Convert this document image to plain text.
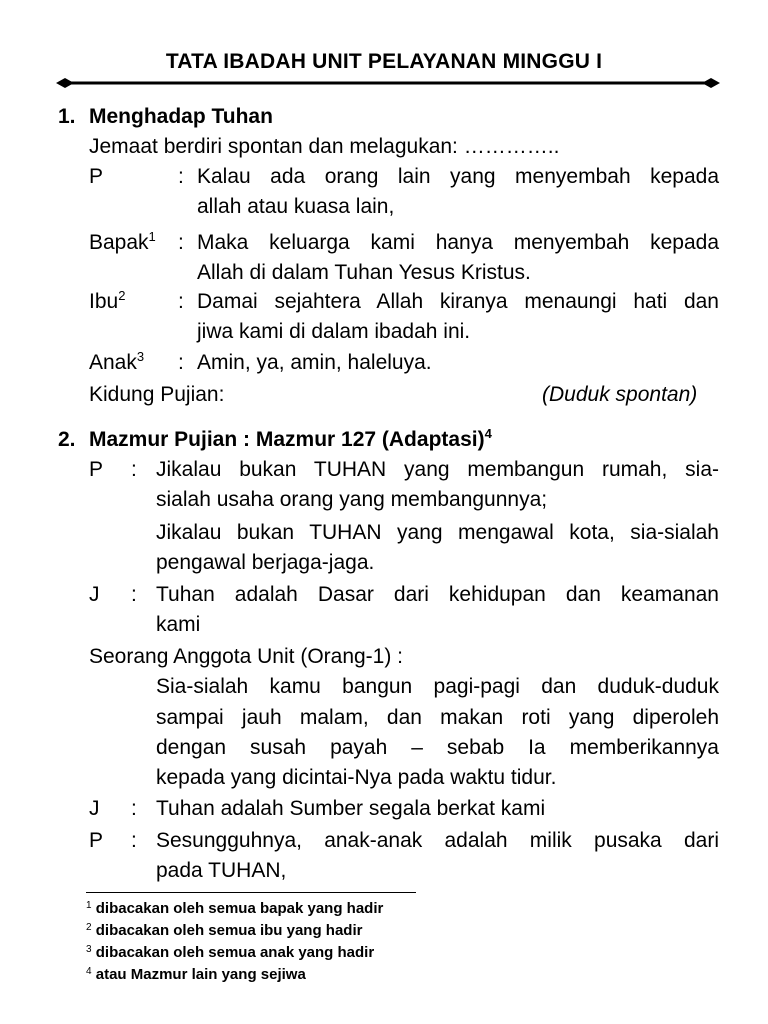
TATA IBADAH UNIT PELAYANAN MINGGU I
1. Menghadap Tuhan
Jemaat berdiri spontan dan melagukan: …………..
P	: Kalau ada orang lain yang menyembah kepada
allah atau kuasa lain,
Bapak$^1$ : Maka keluarga kami hanya menyembah kepada
Allah di dalam Tuhan Yesus Kristus.
Ibu$^2$	: Damai sejahtera Allah kiranya menaungi hati dan
jiwa kami di dalam ibadah ini.
Anak$^3$ : Amin, ya, amin, haleluya.
Kidung Pujian:	(Duduk spontan)
2. Mazmur Pujian : Mazmur 127 (Adaptasi)$^4$
P : Jikalau bukan TUHAN yang membangun rumah, sia-
sialah usaha orang yang membangunnya;
Jikalau bukan TUHAN yang mengawal kota, sia-sialah
pengawal berjaga-jaga.
J : Tuhan adalah Dasar dari kehidupan dan keamanan
kami
Seorang Anggota Unit (Orang-1) :
Sia-sialah kamu bangun pagi-pagi dan duduk-duduk
sampai jauh malam, dan makan roti yang diperoleh
dengan susah payah – sebab Ia memberikannya
kepada yang dicintai-Nya pada waktu tidur.
J : Tuhan adalah Sumber segala berkat kami
P : Sesungguhnya, anak-anak adalah milik pusaka dari
pada TUHAN,
$^1$ dibacakan oleh semua bapak yang hadir
$^2$ dibacakan oleh semua ibu yang hadir
$^3$ dibacakan oleh semua anak yang hadir
$^4$ atau Mazmur lain yang sejiwa
